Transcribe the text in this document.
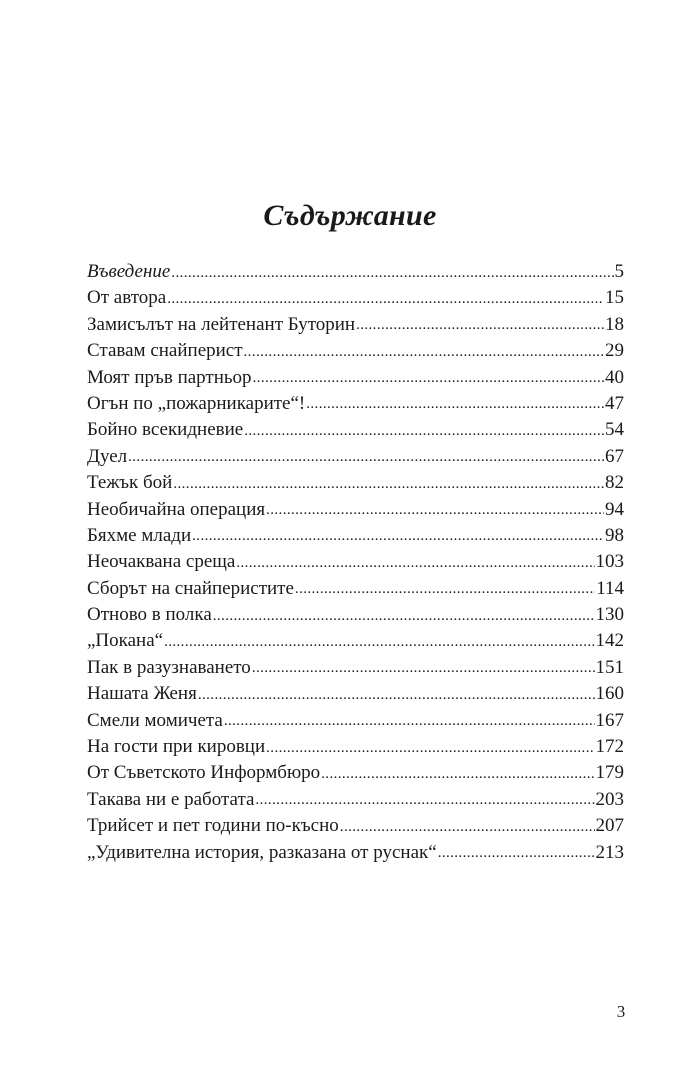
Съдържание
Въведение .....	5
От автора .....	15
Замисълът на лейтенант Буторин .....	18
Ставам снайперист .....	29
Моят пръв партньор .....	40
Огън по „пожарникарите“! .....	47
Бойно всекидневие .....	54
Дуел .....	67
Тежък бой .....	82
Необичайна операция .....	94
Бяхме млади .....	98
Неочаквана среща .....	103
Сборът на снайперистите .....	114
Отново в полка .....	130
„Покана“ .....	142
Пак в разузнаването .....	151
Нашата Женя .....	160
Смели момичета .....	167
На гости при кировци .....	172
От Съветското Информбюро .....	179
Такава ни е работата .....	203
Трийсет и пет години по-късно .....	207
„Удивителна история, разказана от руснак“ .....	213
3
